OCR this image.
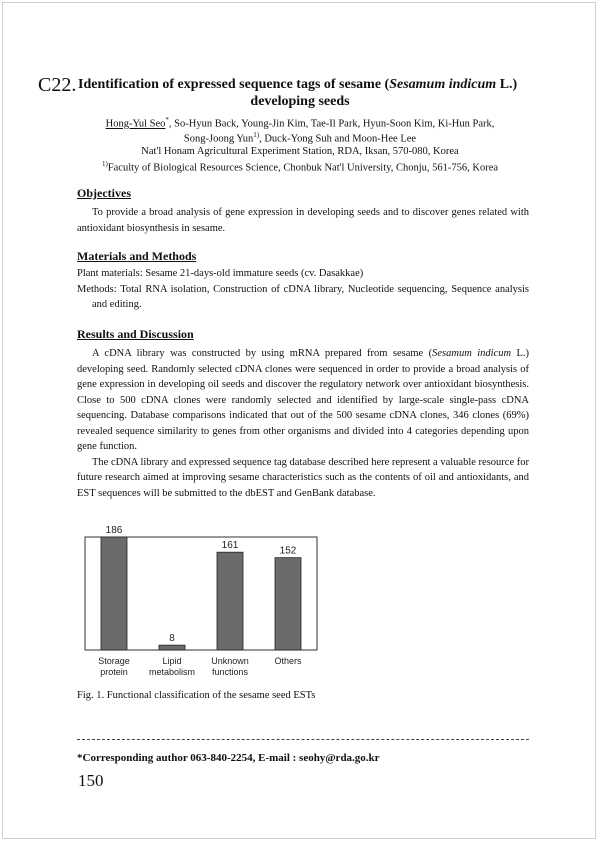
C22. Identification of expressed sequence tags of sesame (Sesamum indicum L.)
developing seeds
Hong-Yul Seo*, So-Hyun Back, Young-Jin Kim, Tae-Il Park, Hyun-Soon Kim, Ki-Hun Park,
Song-Joong Yun$^{1)}$, Duck-Yong Suh and Moon-Hee Lee
Nat'l Honam Agricultural Experiment Station, RDA, Iksan, 570-080, Korea
$^{1)}$Faculty of Biological Resources Science, Chonbuk Nat'l University, Chonju, 561-756, Korea
Objectives

To provide a broad analysis of gene expression in developing seeds and to discover genes related with antioxidant biosynthesis in sesame.

Materials and Methods

Plant materials: Sesame 21-days-old immature seeds (cv. Dasakkae)

Methods: Total RNA isolation, Construction of cDNA library, Nucleotide sequencing, Sequence analysis and editing.

Results and Discussion

A cDNA library was constructed by using mRNA prepared from sesame (Sesamum indicum L.) developing seed. Randomly selected cDNA clones were sequenced in order to provide a broad analysis of gene expression in developing oil seeds and discover the regulatory network over antioxidant biosynthesis. Close to 500 cDNA clones were randomly selected and identified by large-scale single-pass cDNA sequencing. Database comparisons indicated that out of the 500 sesame cDNA clones, 346 clones (69%) revealed sequence similarity to genes from other organisms and divided into 4 categories depending upon gene function.

The cDNA library and expressed sequence tag database described here represent a valuable resource for future research aimed at improving sesame characteristics such as the contents of oil and antioxidants, and EST sequences will be submitted to the dbEST and GenBank database.

186
8
161	152
Storage
protein
Lipid
metabolism
Unknown
functions
Others
Fig. 1. Functional classification of the sesame seed ESTs
*Corresponding author 063-840-2254, E-mail : seohy@rda.go.kr
150
